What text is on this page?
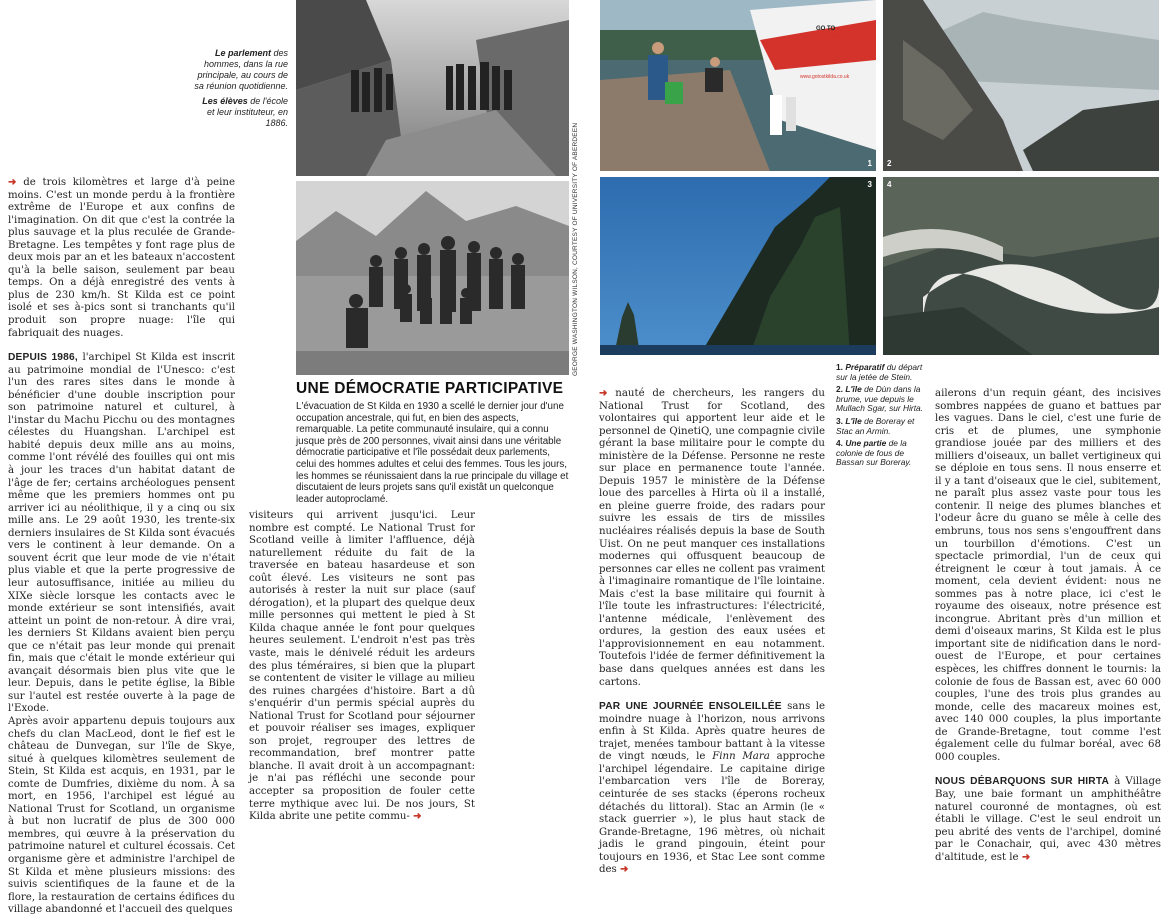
Le parlement des hommes, dans la rue principale, au cours de sa réunion quotidienne.
Les élèves de l'école et leur instituteur, en 1886.

➜ de trois kilomètres et large d'à peine moins. C'est un monde perdu à la frontière extrême de l'Europe et aux confins de l'imagination. On dit que c'est la contrée la plus sauvage et la plus reculée de Grande-Bretagne. Les tempêtes y font rage plus de deux mois par an et les bateaux n'accostent qu'à la belle saison, seulement par beau temps. On a déjà enregistré des vents à plus de 230 km/h. St Kilda est ce point isolé et ses à-pics sont si tranchants qu'il produit son propre nuage: l'île qui fabriquait des nuages.

DEPUIS 1986, l'archipel St Kilda est inscrit au patrimoine mondial de l'Unesco: c'est l'un des rares sites dans le monde à bénéficier d'une double inscription pour son patrimoine naturel et culturel, à l'instar du Machu Picchu ou des montagnes célestes du Huangshan. L'archipel est habité depuis deux mille ans au moins, comme l'ont révélé des fouilles qui ont mis à jour les traces d'un habitat datant de l'âge de fer; certains archéologues pensent même que les premiers hommes ont pu arriver ici au néolithique, il y a cinq ou six mille ans. Le 29 août 1930, les trente-six derniers insulaires de St Kilda sont évacués vers le continent à leur demande. On a souvent écrit que leur mode de vie n'était plus viable et que la perte progressive de leur autosuffisance, initiée au milieu du XIXe siècle lorsque les contacts avec le monde extérieur se sont intensifiés, avait atteint un point de non-retour. À dire vrai, les derniers St Kildans avaient bien perçu que ce n'était pas leur monde qui prenait fin, mais que c'était le monde extérieur qui avançait désormais bien plus vite que le leur. Depuis, dans le petite église, la Bible sur l'autel est restée ouverte à la page de l'Exode.

Après avoir appartenu depuis toujours aux chefs du clan MacLeod, dont le fief est le château de Dunvegan, sur l'île de Skye, situé à quelques kilomètres seulement de Stein, St Kilda est acquis, en 1931, par le comte de Dumfries, dixième du nom. À sa mort, en 1956, l'archipel est légué au National Trust for Scotland, un organisme à but non lucratif de plus de 300 000 membres, qui œuvre à la préservation du patrimoine naturel et culturel écossais. Cet organisme gère et administre l'archipel de St Kilda et mène plusieurs missions: des suivis scientifiques de la faune et de la flore, la restauration de certains édifices du village abandonné et l'accueil des quelques

GEORGE WASHINGTON WILSON, COURTESY OF UNIVERSITY OF ABERDEEN
UNE DÉMOCRATIE PARTICIPATIVE
L'évacuation de St Kilda en 1930 a scellé le dernier jour d'une occupation ancestrale, qui fut, en bien des aspects, remarquable. La petite communauté insulaire, qui a connu jusque près de 200 personnes, vivait ainsi dans une véritable démocratie participative et l'île possédait deux parlements, celui des hommes adultes et celui des femmes. Tous les jours, les hommes se réunissaient dans la rue principale du village et discutaient de leurs projets sans qu'il existât un quelconque leader autoproclamé.

visiteurs qui arrivent jusqu'ici. Leur nombre est compté. Le National Trust for Scotland veille à limiter l'affluence, déjà naturellement réduite du fait de la traversée en bateau hasardeuse et son coût élevé. Les visiteurs ne sont pas autorisés à rester la nuit sur place (sauf dérogation), et la plupart des quelque deux mille personnes qui mettent le pied à St Kilda chaque année le font pour quelques heures seulement. L'endroit n'est pas très vaste, mais le dénivelé réduit les ardeurs des plus téméraires, si bien que la plupart se contentent de visiter le village au milieu des ruines chargées d'histoire. Bart a dû s'enquérir d'un permis spécial auprès du National Trust for Scotland pour séjourner et pouvoir réaliser ses images, expliquer son projet, regrouper des lettres de recommandation, bref montrer patte blanche. Il avait droit à un accompagnant: je n'ai pas réfléchi une seconde pour accepter sa proposition de fouler cette terre mythique avec lui. De nos jours, St Kilda abrite une petite commu- ➜

GO TO
ST KILDA
www.gotostkilda.co.uk
1 2
3 4
1. Préparatif du départ sur la jetée de Stein.
2. L'île de Dùn dans la brume, vue depuis le Mullach Sgar, sur Hirta.
3. L'île de Boreray et Stac an Armin.
4. Une partie de la colonie de fous de Bassan sur Boreray.

➜ nauté de chercheurs, les rangers du National Trust for Scotland, des volontaires qui apportent leur aide et le personnel de QinetiQ, une compagnie civile gérant la base militaire pour le compte du ministère de la Défense. Personne ne reste sur place en permanence toute l'année. Depuis 1957 le ministère de la Défense loue des parcelles à Hirta où il a installé, en pleine guerre froide, des radars pour suivre les essais de tirs de missiles nucléaires réalisés depuis la base de South Uist. On ne peut manquer ces installations modernes qui offusquent beaucoup de personnes car elles ne collent pas vraiment à l'imaginaire romantique de l'île lointaine. Mais c'est la base militaire qui fournit à l'île toute les infrastructures: l'électricité, l'antenne médicale, l'enlèvement des ordures, la gestion des eaux usées et l'approvisionnement en eau notamment. Toutefois l'idée de fermer définitivement la base dans quelques années est dans les cartons.

PAR UNE JOURNÉE ENSOLEILLÉE sans le moindre nuage à l'horizon, nous arrivons enfin à St Kilda. Après quatre heures de trajet, menées tambour battant à la vitesse de vingt nœuds, le Finn Mara approche l'archipel légendaire. Le capitaine dirige l'embarcation vers l'île de Boreray, ceinturée de ses stacks (éperons rocheux détachés du littoral). Stac an Armin (le « stack guerrier »), le plus haut stack de Grande-Bretagne, 196 mètres, où nichait jadis le grand pingouin, éteint pour toujours en 1936, et Stac Lee sont comme des ➜

ailerons d'un requin géant, des incisives sombres nappées de guano et battues par les vagues. Dans le ciel, c'est une furie de cris et de plumes, une symphonie grandiose jouée par des milliers et des milliers d'oiseaux, un ballet vertigineux qui se déploie en tous sens. Il nous enserre et il y a tant d'oiseaux que le ciel, subitement, ne paraît plus assez vaste pour tous les contenir. Il neige des plumes blanches et l'odeur âcre du guano se mêle à celle des embruns, tous nos sens s'engouffrent dans un tourbillon d'émotions. C'est un spectacle primordial, l'un de ceux qui étreignent le cœur à tout jamais. À ce moment, cela devient évident: nous ne sommes pas à notre place, ici c'est le royaume des oiseaux, notre présence est incongrue. Abritant près d'un million et demi d'oiseaux marins, St Kilda est le plus important site de nidification dans le nord-ouest de l'Europe, et pour certaines espèces, les chiffres donnent le tournis: la colonie de fous de Bassan est, avec 60 000 couples, l'une des trois plus grandes au monde, celle des macareux moines est, avec 140 000 couples, la plus importante de Grande-Bretagne, tout comme l'est également celle du fulmar boréal, avec 68 000 couples.

NOUS DÉBARQUONS SUR HIRTA à Village Bay, une baie formant un amphithéâtre naturel couronné de montagnes, où est établi le village. C'est le seul endroit un peu abrité des vents de l'archipel, dominé par le Conachair, qui, avec 430 mètres d'altitude, est le ➜
